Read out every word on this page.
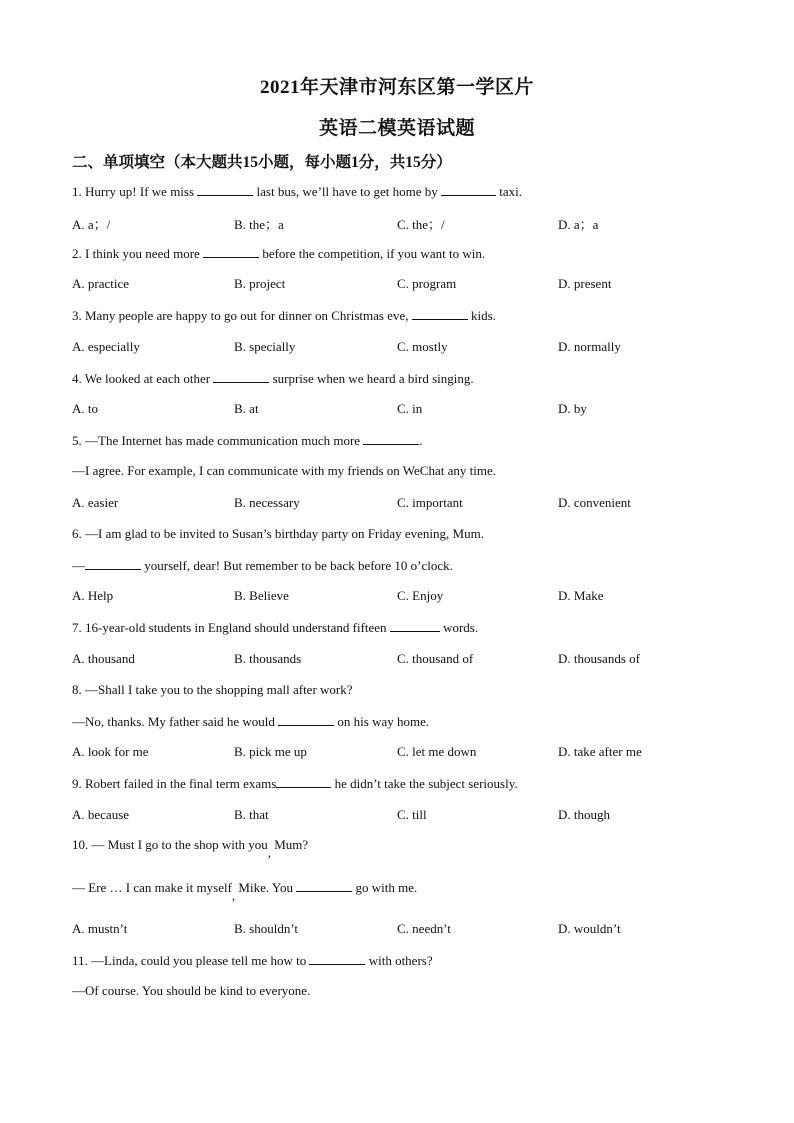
2021年天津市河东区第一学区片
英语二模英语试题
二、单项填空（本大题共15小题，每小题1分，共15分）
1. Hurry up! If we miss	last bus, we’ll have to get home by	taxi.
A. a；/	B. the；a	C. the；/	D. a；a
2. I think you need more	before the competition, if you want to win.
A. practice	B. project	C. program	D. present
3. Many people are happy to go out for dinner on Christmas eve,	kids.
A. especially	B. specially	C. mostly	D. normally
4. We looked at each other	surprise when we heard a bird singing.
A. to	B. at	C. in	D. by
5. —The Internet has made communication much more	.
—I agree. For example, I can communicate with my friends on WeChat any time.
A. easier	B. necessary	C. important	D. convenient
6. —I am glad to be invited to Susan’s birthday party on Friday evening, Mum.
—	yourself, dear! But remember to be back before 10 o’clock.
A. Help	B. Believe	C. Enjoy	D. Make
7. 16-year-old students in England should understand fifteen	words.
A. thousand	B. thousands	C. thousand of	D. thousands of
8. —Shall I take you to the shopping mall after work?
—No, thanks. My father said he would	on his way home.
A. look for me	B. pick me up	C. let me down	D. take after me
9. Robert failed in the final term exams	he didn’t take the subject seriously.
A. because	B. that	C. till	D. though
10. — Must I go to the shop with you, Mum?
— Ere … I can make it myself, Mike. You	go with me.
A. mustn’t	B. shouldn’t	C. needn’t	D. wouldn’t
11. —Linda, could you please tell me how to	with others?
—Of course. You should be kind to everyone.
